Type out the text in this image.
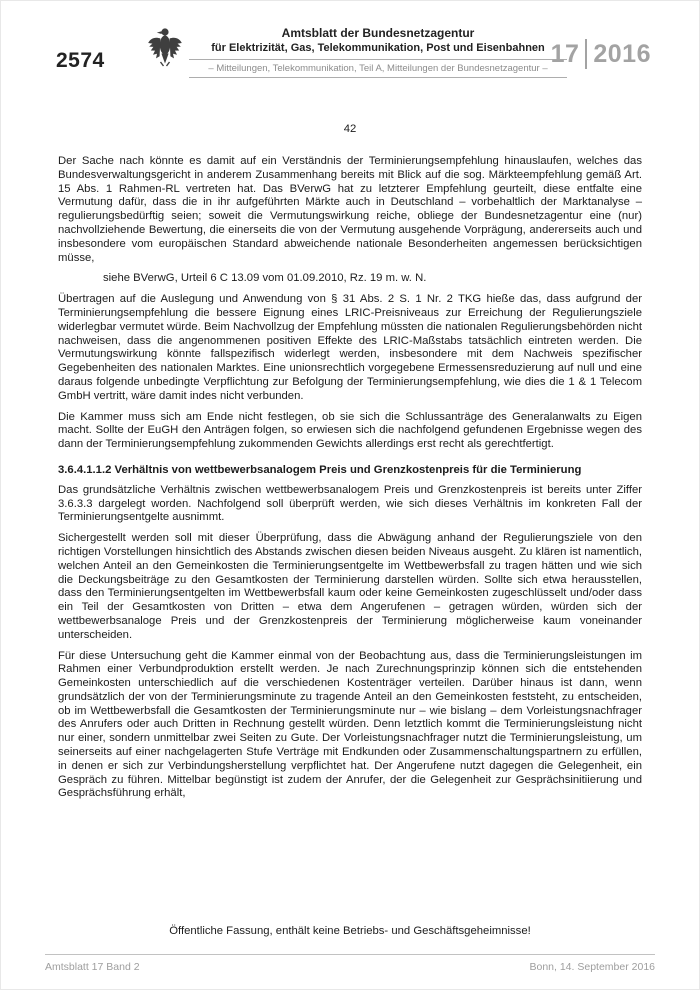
2574
Amtsblatt der Bundesnetzagentur
für Elektrizität, Gas, Telekommunikation, Post und Eisenbahnen
– Mitteilungen, Telekommunikation, Teil A, Mitteilungen der Bundesnetzagentur –
17 2016
42

Der Sache nach könnte es damit auf ein Verständnis der Terminierungsempfehlung hinauslaufen, welches das Bundesverwaltungsgericht in anderem Zusammenhang bereits mit Blick auf die sog. Märkteempfehlung gemäß Art. 15 Abs. 1 Rahmen-RL vertreten hat. Das BVerwG hat zu letzterer Empfehlung geurteilt, diese entfalte eine Vermutung dafür, dass die in ihr aufgeführten Märkte auch in Deutschland – vorbehaltlich der Marktanalyse – regulierungsbedürftig seien; soweit die Vermutungswirkung reiche, obliege der Bundesnetzagentur eine (nur) nachvollziehende Bewertung, die einerseits die von der Vermutung ausgehende Vorprägung, andererseits auch und insbesondere vom europäischen Standard abweichende nationale Besonderheiten angemessen berücksichtigen müsse,

siehe BVerwG, Urteil 6 C 13.09 vom 01.09.2010, Rz. 19 m. w. N.

Übertragen auf die Auslegung und Anwendung von § 31 Abs. 2 S. 1 Nr. 2 TKG hieße das, dass aufgrund der Terminierungsempfehlung die bessere Eignung eines LRIC-Preisniveaus zur Erreichung der Regulierungsziele widerlegbar vermutet würde. Beim Nachvollzug der Empfehlung müssten die nationalen Regulierungsbehörden nicht nachweisen, dass die angenommenen positiven Effekte des LRIC-Maßstabs tatsächlich eintreten werden. Die Vermutungswirkung könnte fallspezifisch widerlegt werden, insbesondere mit dem Nachweis spezifischer Gegebenheiten des nationalen Marktes. Eine unionsrechtlich vorgegebene Ermessensreduzierung auf null und eine daraus folgende unbedingte Verpflichtung zur Befolgung der Terminierungsempfehlung, wie dies die 1 & 1 Telecom GmbH vertritt, wäre damit indes nicht verbunden.

Die Kammer muss sich am Ende nicht festlegen, ob sie sich die Schlussanträge des Generalanwalts zu Eigen macht. Sollte der EuGH den Anträgen folgen, so erwiesen sich die nachfolgend gefundenen Ergebnisse wegen des dann der Terminierungsempfehlung zukommenden Gewichts allerdings erst recht als gerechtfertigt.

3.6.4.1.1.2 Verhältnis von wettbewerbsanalogem Preis und Grenzkostenpreis für die Terminierung

Das grundsätzliche Verhältnis zwischen wettbewerbsanalogem Preis und Grenzkostenpreis ist bereits unter Ziffer 3.6.3.3 dargelegt worden. Nachfolgend soll überprüft werden, wie sich dieses Verhältnis im konkreten Fall der Terminierungsentgelte ausnimmt.

Sichergestellt werden soll mit dieser Überprüfung, dass die Abwägung anhand der Regulierungsziele von den richtigen Vorstellungen hinsichtlich des Abstands zwischen diesen beiden Niveaus ausgeht. Zu klären ist namentlich, welchen Anteil an den Gemeinkosten die Terminierungsentgelte im Wettbewerbsfall zu tragen hätten und wie sich die Deckungsbeiträge zu den Gesamtkosten der Terminierung darstellen würden. Sollte sich etwa herausstellen, dass den Terminierungsentgelten im Wettbewerbsfall kaum oder keine Gemeinkosten zugeschlüsselt und/oder dass ein Teil der Gesamtkosten von Dritten – etwa dem Angerufenen – getragen würden, würden sich der wettbewerbsanaloge Preis und der Grenzkostenpreis der Terminierung möglicherweise kaum voneinander unterscheiden.

Für diese Untersuchung geht die Kammer einmal von der Beobachtung aus, dass die Terminierungsleistungen im Rahmen einer Verbundproduktion erstellt werden. Je nach Zurechnungsprinzip können sich die entstehenden Gemeinkosten unterschiedlich auf die verschiedenen Kostenträger verteilen. Darüber hinaus ist dann, wenn grundsätzlich der von der Terminierungsminute zu tragende Anteil an den Gemeinkosten feststeht, zu entscheiden, ob im Wettbewerbsfall die Gesamtkosten der Terminierungsminute nur – wie bislang – dem Vorleistungsnachfrager des Anrufers oder auch Dritten in Rechnung gestellt würden. Denn letztlich kommt die Terminierungsleistung nicht nur einer, sondern unmittelbar zwei Seiten zu Gute. Der Vorleistungsnachfrager nutzt die Terminierungsleistung, um seinerseits auf einer nachgelagerten Stufe Verträge mit Endkunden oder Zusammenschaltungspartnern zu erfüllen, in denen er sich zur Verbindungsherstellung verpflichtet hat. Der Angerufene nutzt dagegen die Gelegenheit, ein Gespräch zu führen. Mittelbar begünstigt ist zudem der Anrufer, der die Gelegenheit zur Gesprächsinitiierung und Gesprächsführung erhält,

Öffentliche Fassung, enthält keine Betriebs- und Geschäftsgeheimnisse!
Amtsblatt 17 Band 2	Bonn, 14. September 2016
